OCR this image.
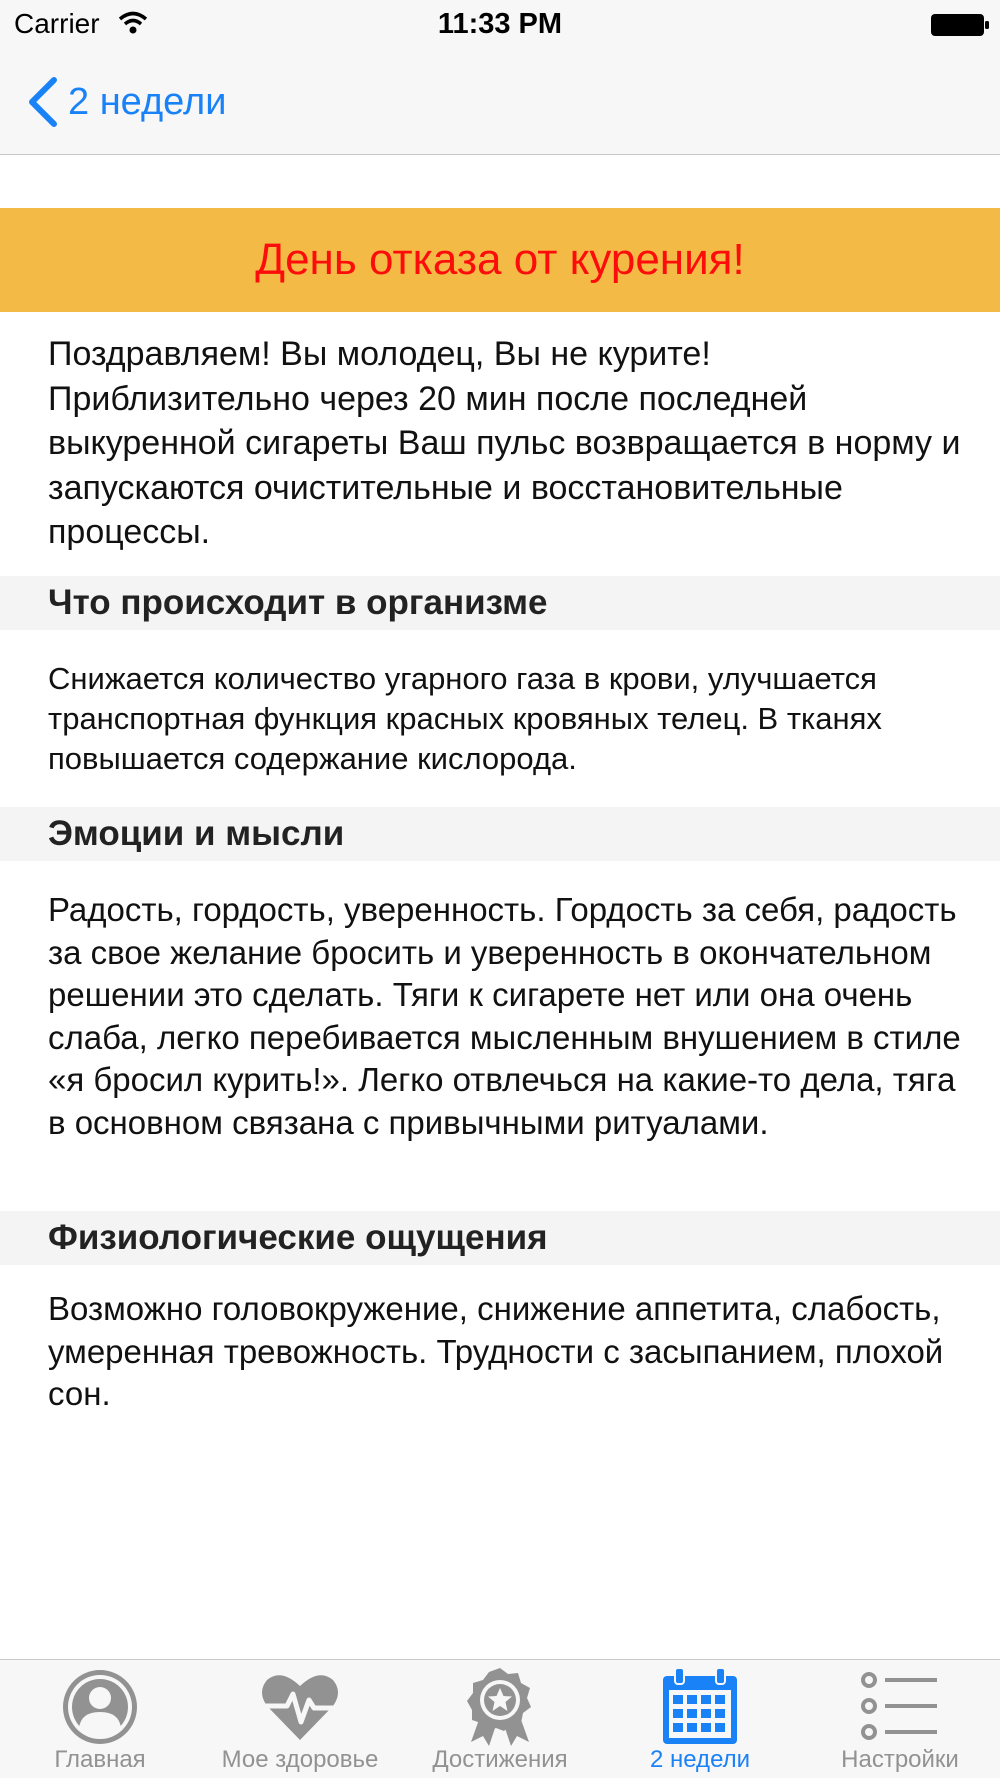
Carrier	11:33 PM
2 недели
День отказа от курения!
Поздравляем! Вы молодец, Вы не курите! Приблизительно через 20 мин после последней выкуренной сигареты Ваш пульс возвращается в норму и запускаются очистительные и восстановительные процессы.
Что происходит в организме
Снижается количество угарного газа в крови, улучшается транспортная функция красных кровяных телец. В тканях повышается содержание кислорода.
Эмоции и мысли
Радость, гордость, уверенность. Гордость за себя, радость за свое желание бросить и уверенность в окончательном решении это сделать. Тяги к сигарете нет или она очень слаба, легко перебивается мысленным внушением в стиле «я бросил курить!». Легко отвлечься на какие-то дела, тяга в основном связана с привычными ритуалами.
Физиологические ощущения
Возможно головокружение, снижение аппетита, слабость, умеренная тревожность. Трудности с засыпанием, плохой сон.
Главная	Мое здоровье	Достижения	2 недели	Настройки
